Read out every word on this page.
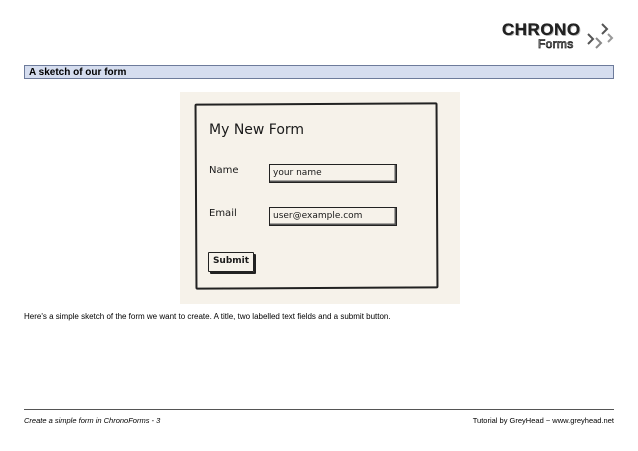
CHRONO
Forms
A sketch of our form
My New Form
Name	your name
Email	user@example.com
Submit
Here's a simple sketch of the form we want to create. A title, two labelled text fields and a submit button.
Create a simple form in ChronoForms - 3	Tutorial by GreyHead ~ www.greyhead.net
